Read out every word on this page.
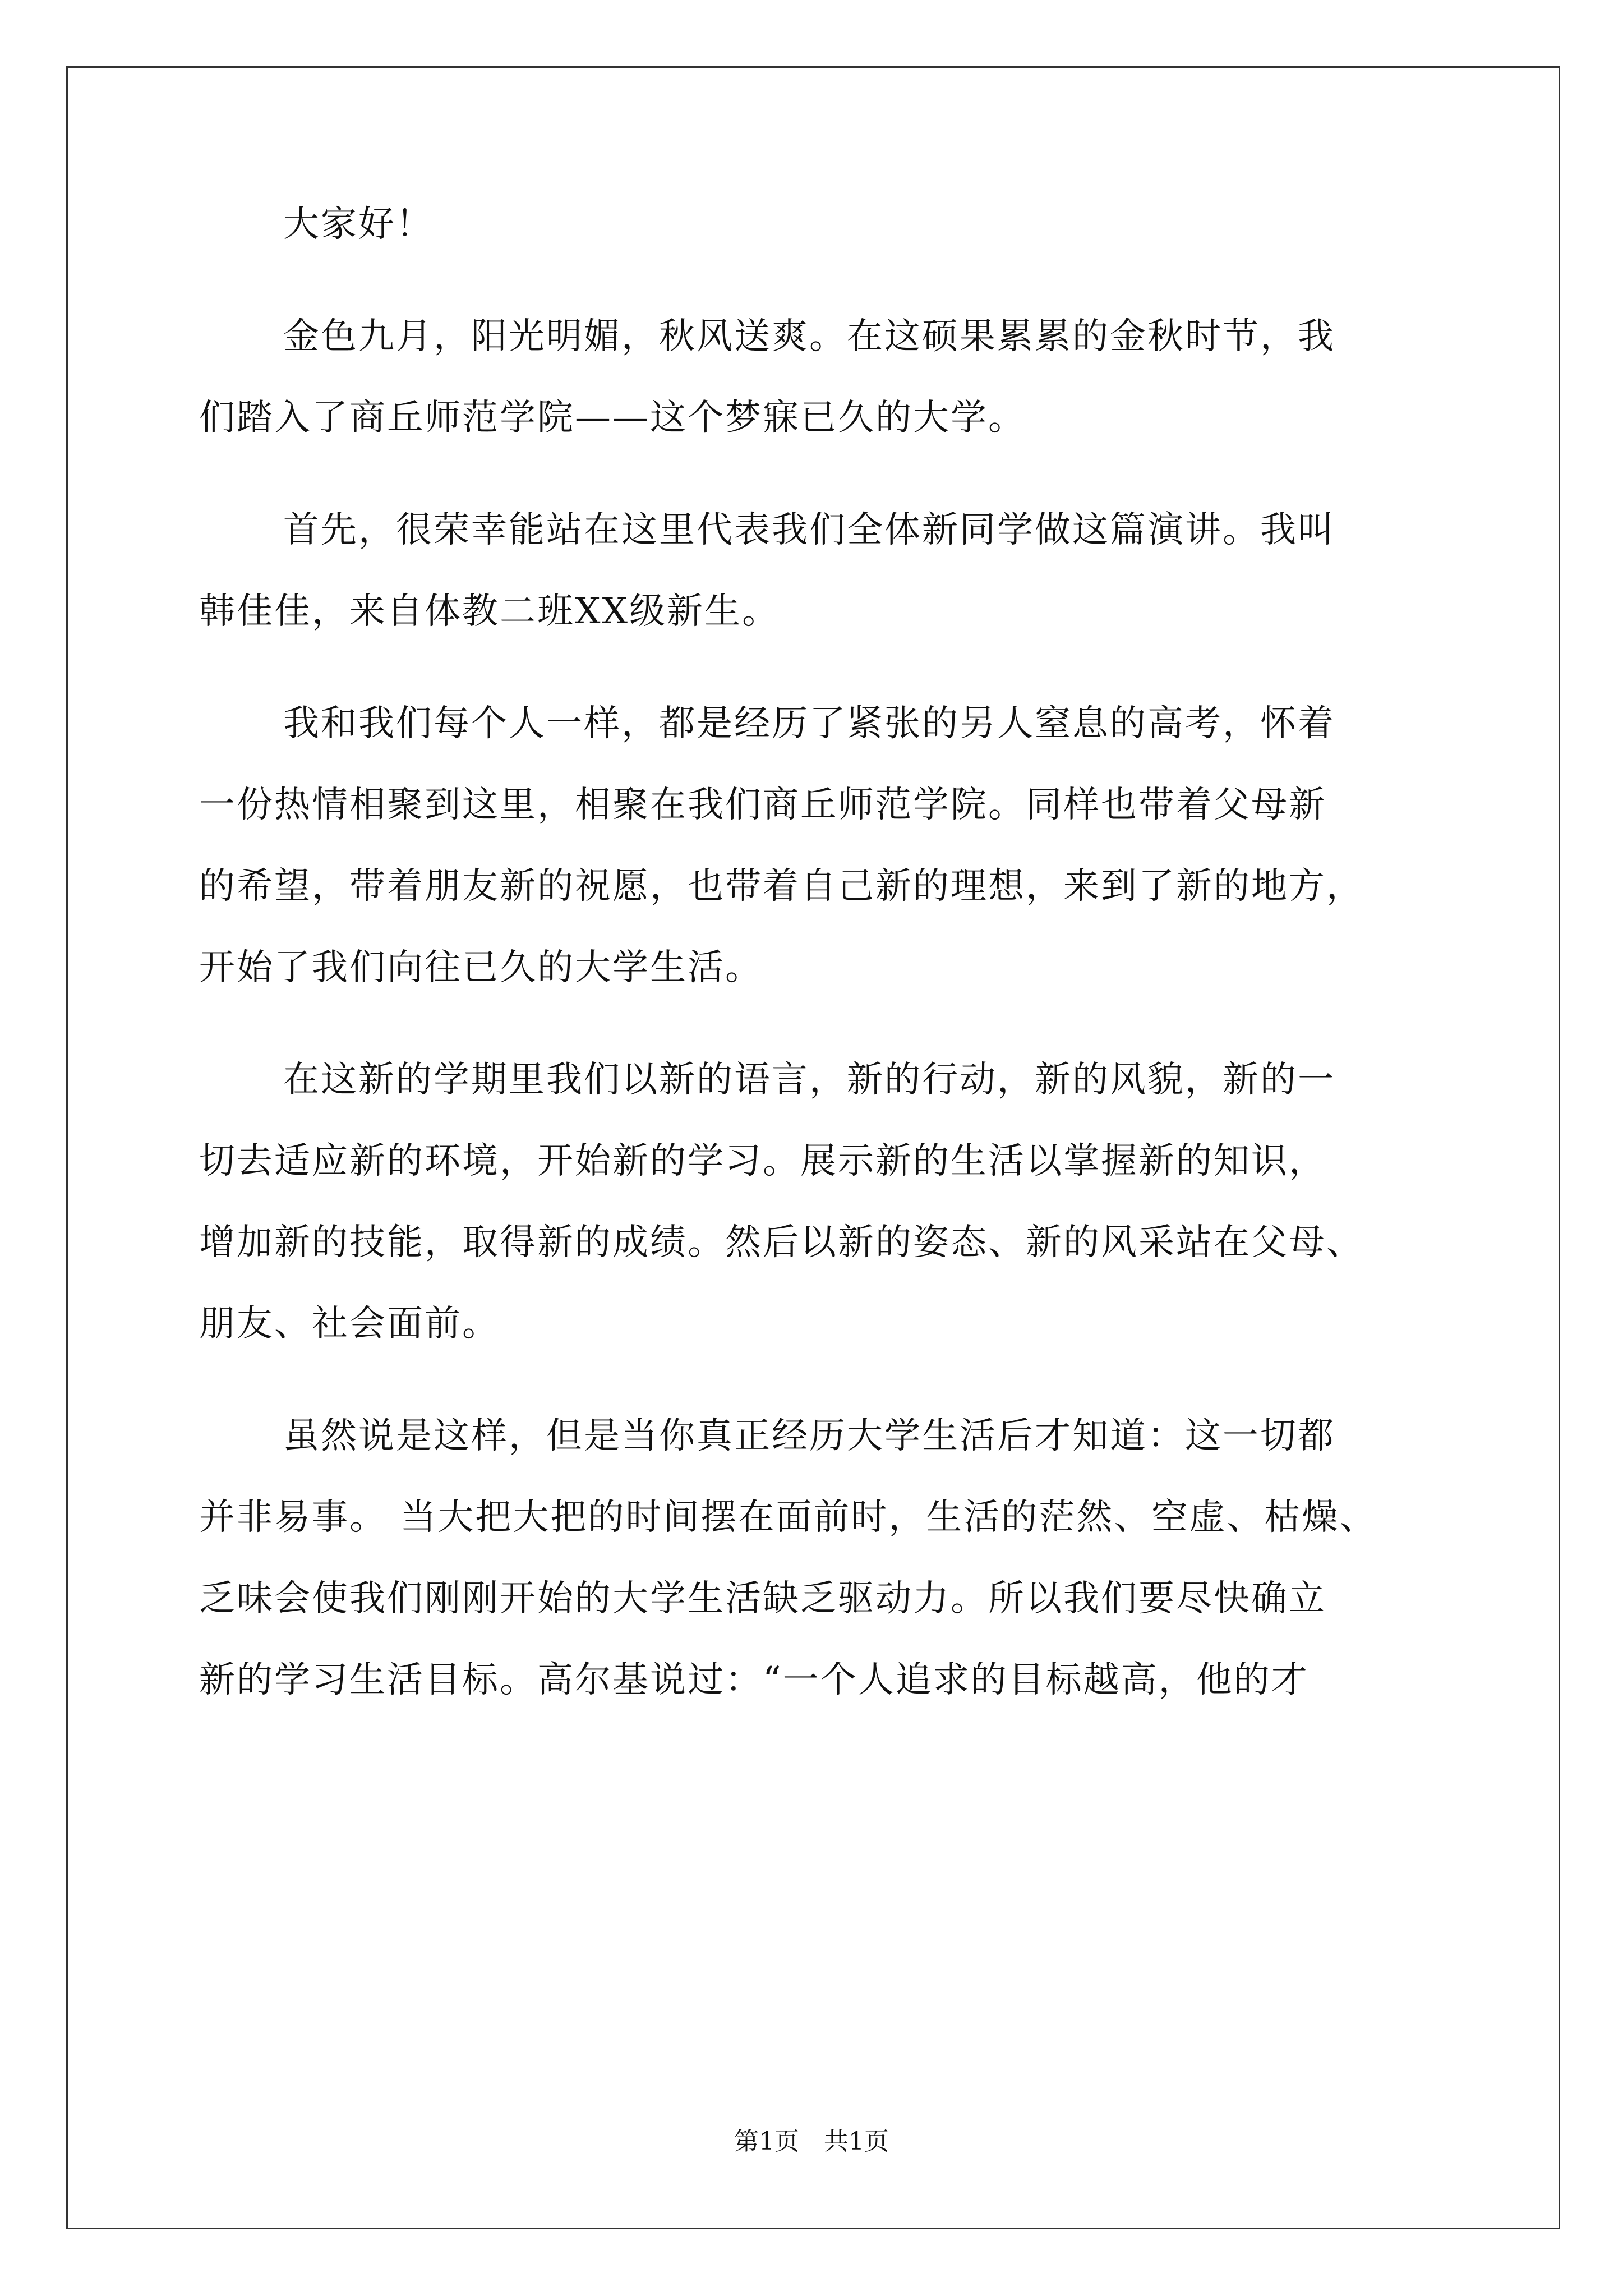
大家好！
金色九月，阳光明媚，秋风送爽。在这硕果累累的金秋时节，我
们踏入了商丘师范学院——这个梦寐已久的大学。
首先，很荣幸能站在这里代表我们全体新同学做这篇演讲。我叫
韩佳佳，来自体教二班XX级新生。
我和我们每个人一样，都是经历了紧张的另人窒息的高考，怀着
一份热情相聚到这里，相聚在我们商丘师范学院。同样也带着父母新
的希望，带着朋友新的祝愿，也带着自己新的理想，来到了新的地方，
开始了我们向往已久的大学生活。
在这新的学期里我们以新的语言，新的行动，新的风貌，新的一
切去适应新的环境，开始新的学习。展示新的生活以掌握新的知识，
增加新的技能，取得新的成绩。然后以新的姿态、新的风采站在父母、
朋友、社会面前。
虽然说是这样，但是当你真正经历大学生活后才知道：这一切都
并非易事。 当大把大把的时间摆在面前时，生活的茫然、空虚、枯燥、
乏味会使我们刚刚开始的大学生活缺乏驱动力。所以我们要尽快确立
新的学习生活目标。高尔基说过：“一个人追求的目标越高，他的才
第1页　共1页
